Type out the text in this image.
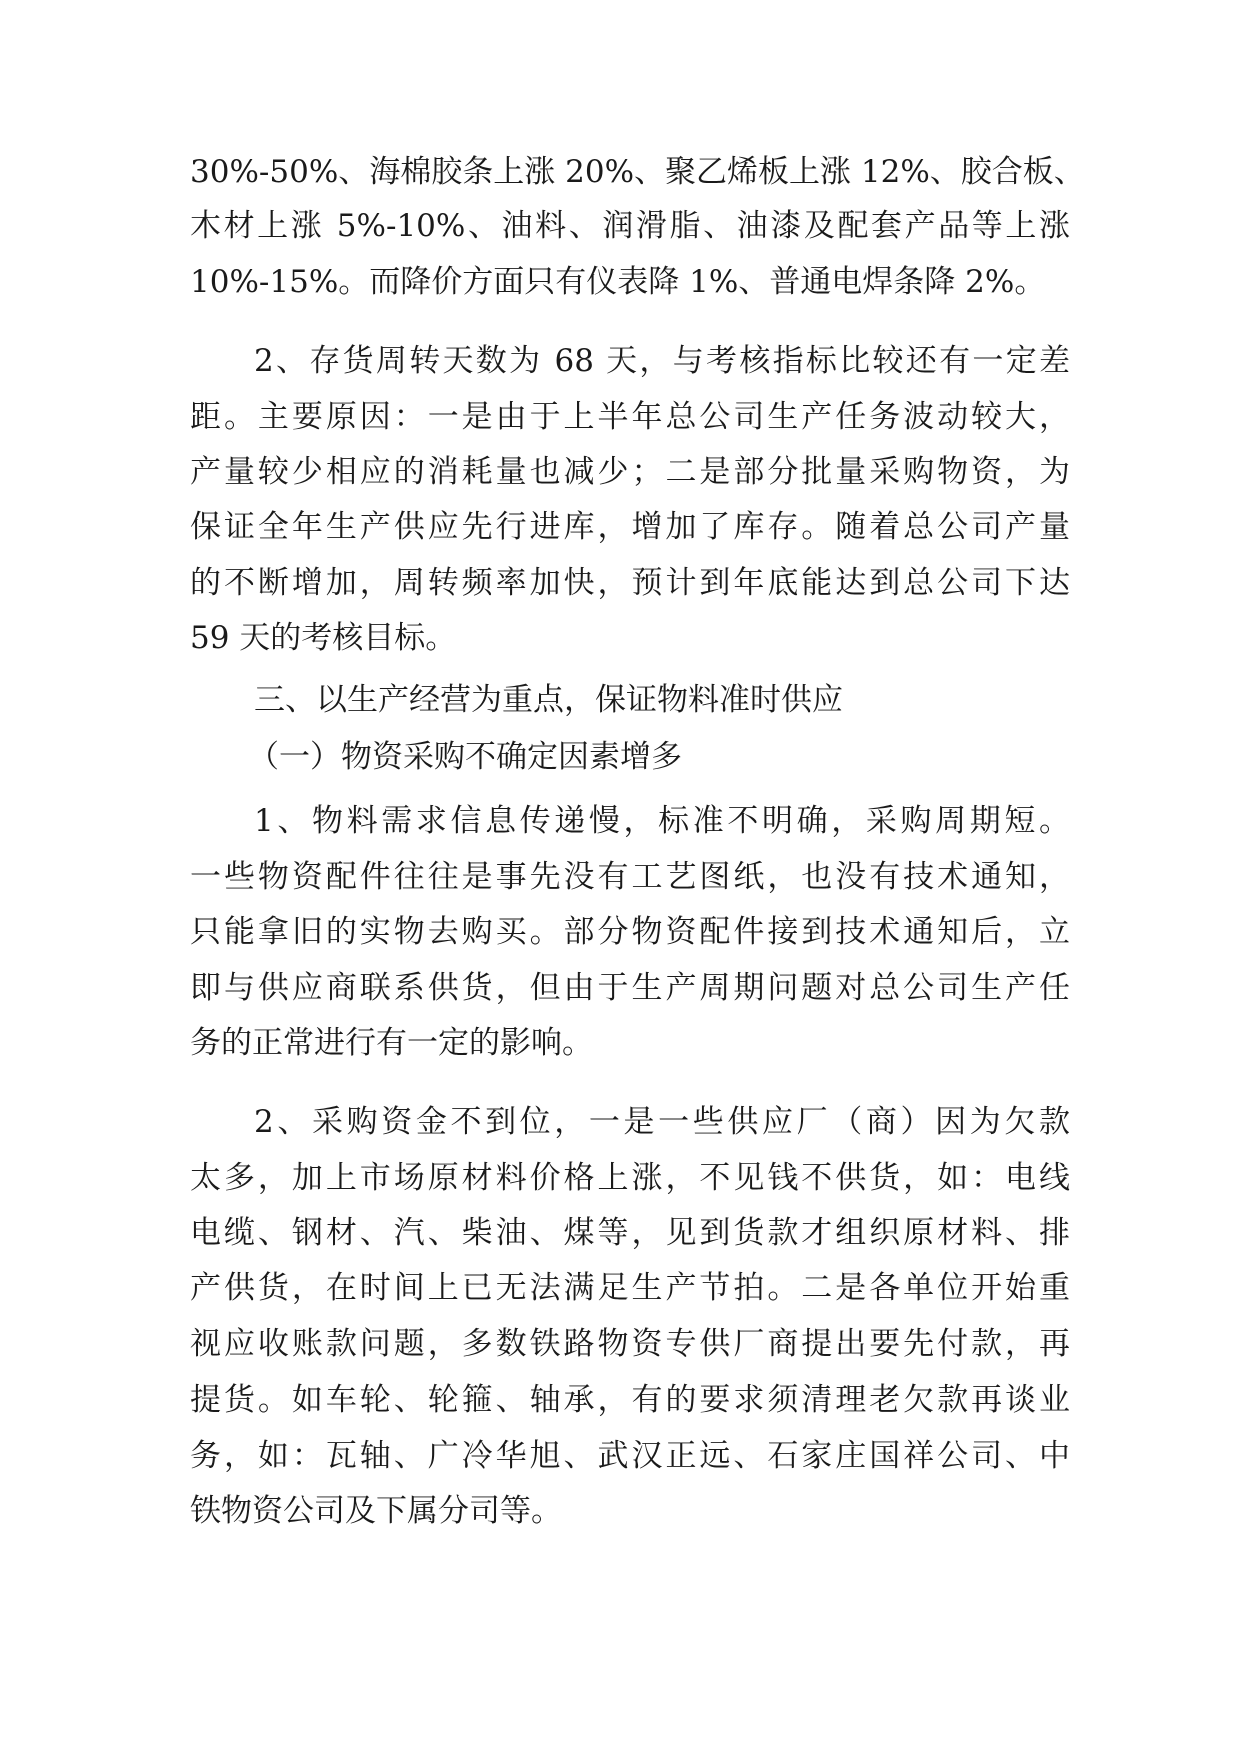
30%-50%、海棉胶条上涨 20%、聚乙烯板上涨 12%、胶合板、
木材上涨 5%-10%、油料、润滑脂、油漆及配套产品等上涨
10%-15%。而降价方面只有仪表降 1%、普通电焊条降 2%。
2、存货周转天数为 68 天，与考核指标比较还有一定差
距。主要原因：一是由于上半年总公司生产任务波动较大，
产量较少相应的消耗量也减少；二是部分批量采购物资，为
保证全年生产供应先行进库，增加了库存。随着总公司产量
的不断增加，周转频率加快，预计到年底能达到总公司下达
59 天的考核目标。
三、以生产经营为重点，保证物料准时供应
（一）物资采购不确定因素增多
1、物料需求信息传递慢，标准不明确，采购周期短。
一些物资配件往往是事先没有工艺图纸，也没有技术通知，
只能拿旧的实物去购买。部分物资配件接到技术通知后，立
即与供应商联系供货，但由于生产周期问题对总公司生产任
务的正常进行有一定的影响。
2、采购资金不到位，一是一些供应厂（商）因为欠款
太多，加上市场原材料价格上涨，不见钱不供货，如：电线
电缆、钢材、汽、柴油、煤等，见到货款才组织原材料、排
产供货，在时间上已无法满足生产节拍。二是各单位开始重
视应收账款问题，多数铁路物资专供厂商提出要先付款，再
提货。如车轮、轮箍、轴承，有的要求须清理老欠款再谈业
务，如：瓦轴、广冷华旭、武汉正远、石家庄国祥公司、中
铁物资公司及下属分司等。
